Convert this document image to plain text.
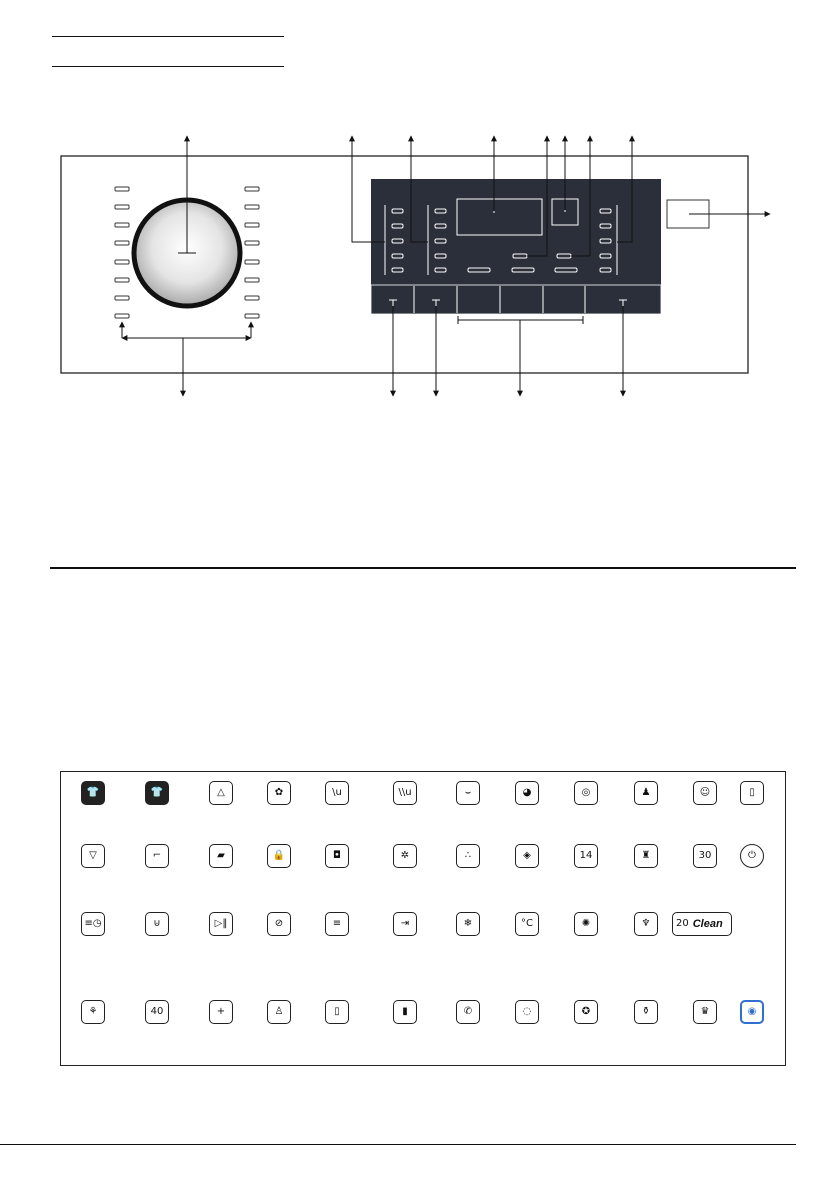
👕	👕	△	✿	\u	\\u	⌣	◕	◎	♟	☺	▯
▽	⌐	▰	🔒	◘	✲	∴	◈	14	♜	30	⏻
≡◷	⊍	▷‖	⊘	≡	⇥	❄	°C	✺	♆	20 Clean
⚘	40	+	♙	▯	▮	✆	◌	✪	⚱	♛	◉
